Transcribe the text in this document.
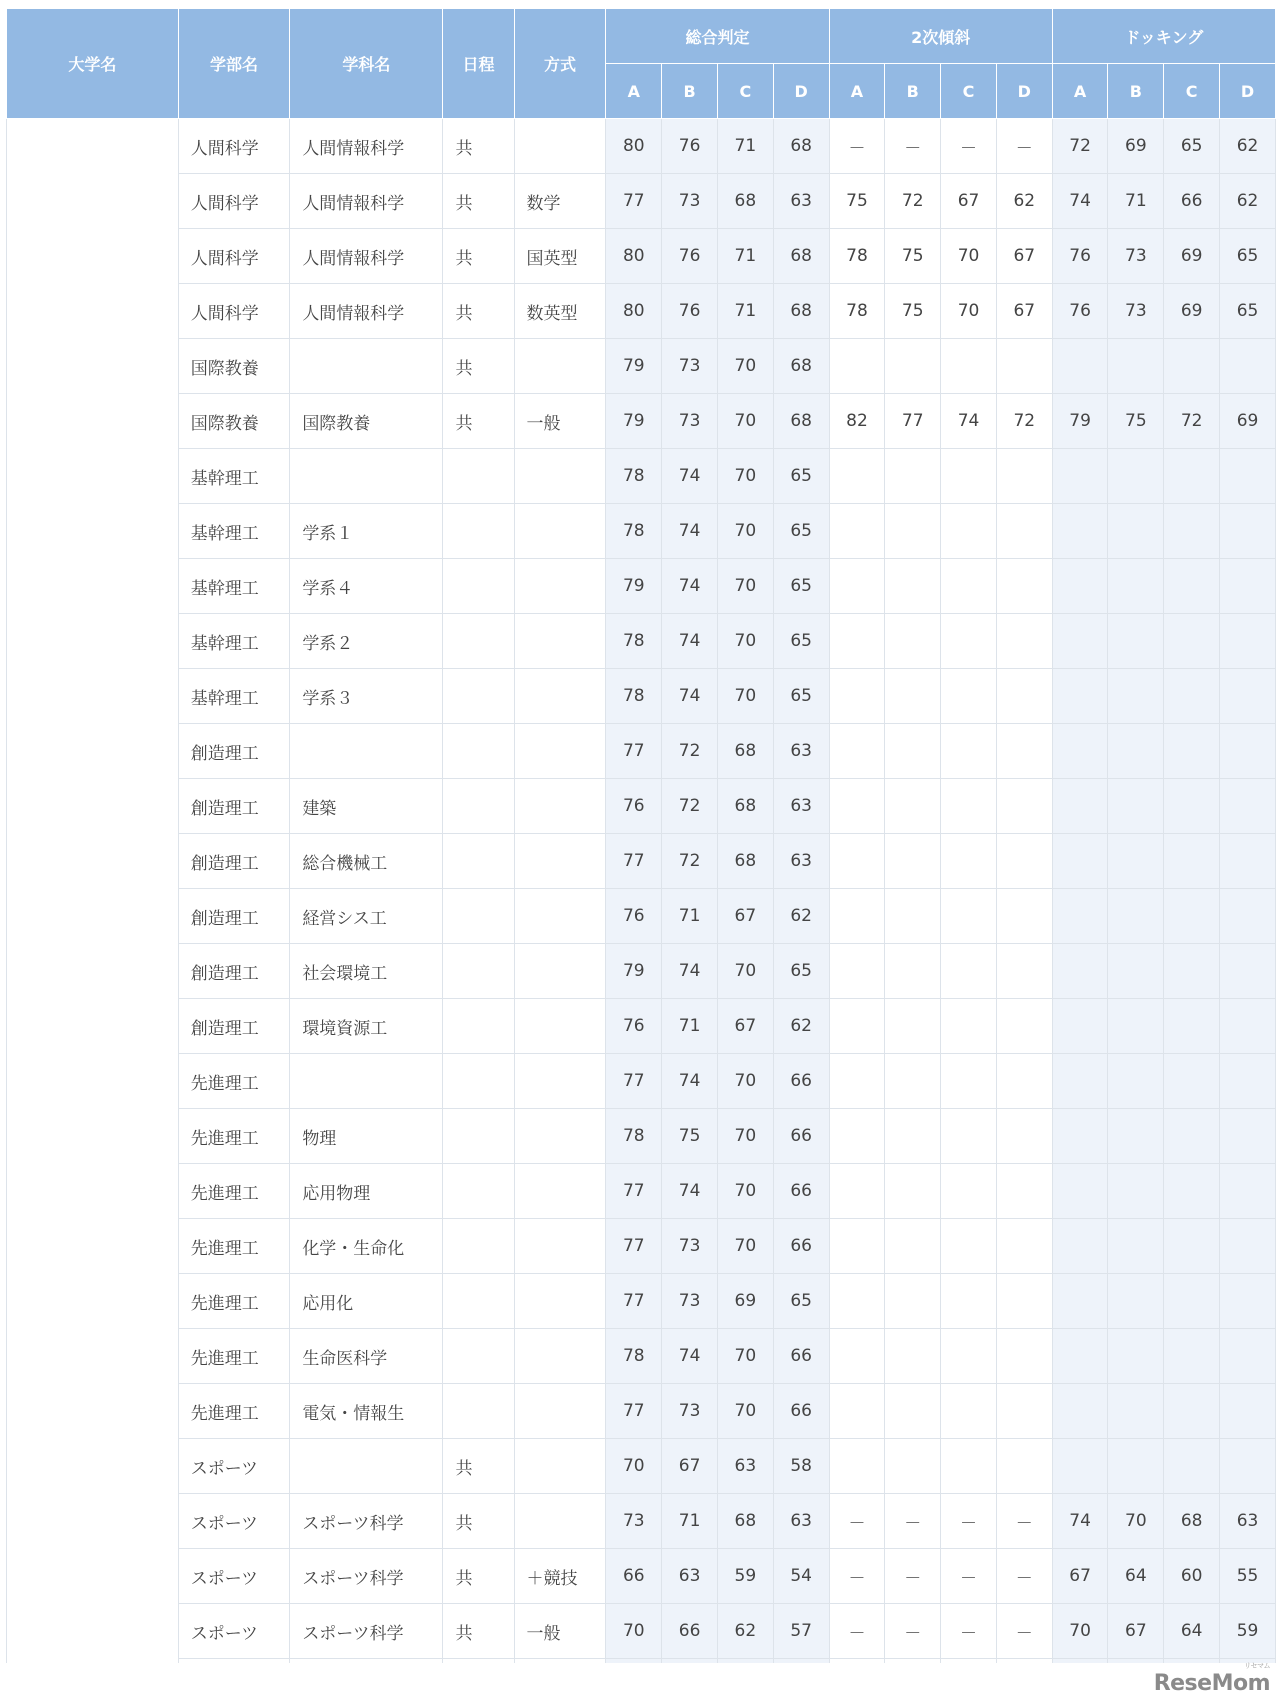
大学名	学部名	学科名	日程	方式	総合判定				2次傾斜				ドッキング			
					A	B	C	D	A	B	C	D	A	B	C	D
	人間科学	人間情報科学	共		80	76	71	68	－	－	－	－	72	69	65	62
	人間科学	人間情報科学	共	数学	77	73	68	63	75	72	67	62	74	71	66	62
	人間科学	人間情報科学	共	国英型	80	76	71	68	78	75	70	67	76	73	69	65
	人間科学	人間情報科学	共	数英型	80	76	71	68	78	75	70	67	76	73	69	65
	国際教養		共		79	73	70	68								
	国際教養	国際教養	共	一般	79	73	70	68	82	77	74	72	79	75	72	69
	基幹理工				78	74	70	65								
	基幹理工	学系１			78	74	70	65								
	基幹理工	学系４			79	74	70	65								
	基幹理工	学系２			78	74	70	65								
	基幹理工	学系３			78	74	70	65								
	創造理工				77	72	68	63								
	創造理工	建築			76	72	68	63								
	創造理工	総合機械工			77	72	68	63								
	創造理工	経営シス工			76	71	67	62								
	創造理工	社会環境工			79	74	70	65								
	創造理工	環境資源工			76	71	67	62								
	先進理工				77	74	70	66								
	先進理工	物理			78	75	70	66								
	先進理工	応用物理			77	74	70	66								
	先進理工	化学・生命化			77	73	70	66								
	先進理工	応用化			77	73	69	65								
	先進理工	生命医科学			78	74	70	66								
	先進理工	電気・情報生			77	73	70	66								
	スポーツ		共		70	67	63	58								
	スポーツ	スポーツ科学	共		73	71	68	63	－	－	－	－	74	70	68	63
	スポーツ	スポーツ科学	共	＋競技	66	63	59	54	－	－	－	－	67	64	60	55
	スポーツ	スポーツ科学	共	一般	70	66	62	57	－	－	－	－	70	67	64	59

ReseMom
リセマム
